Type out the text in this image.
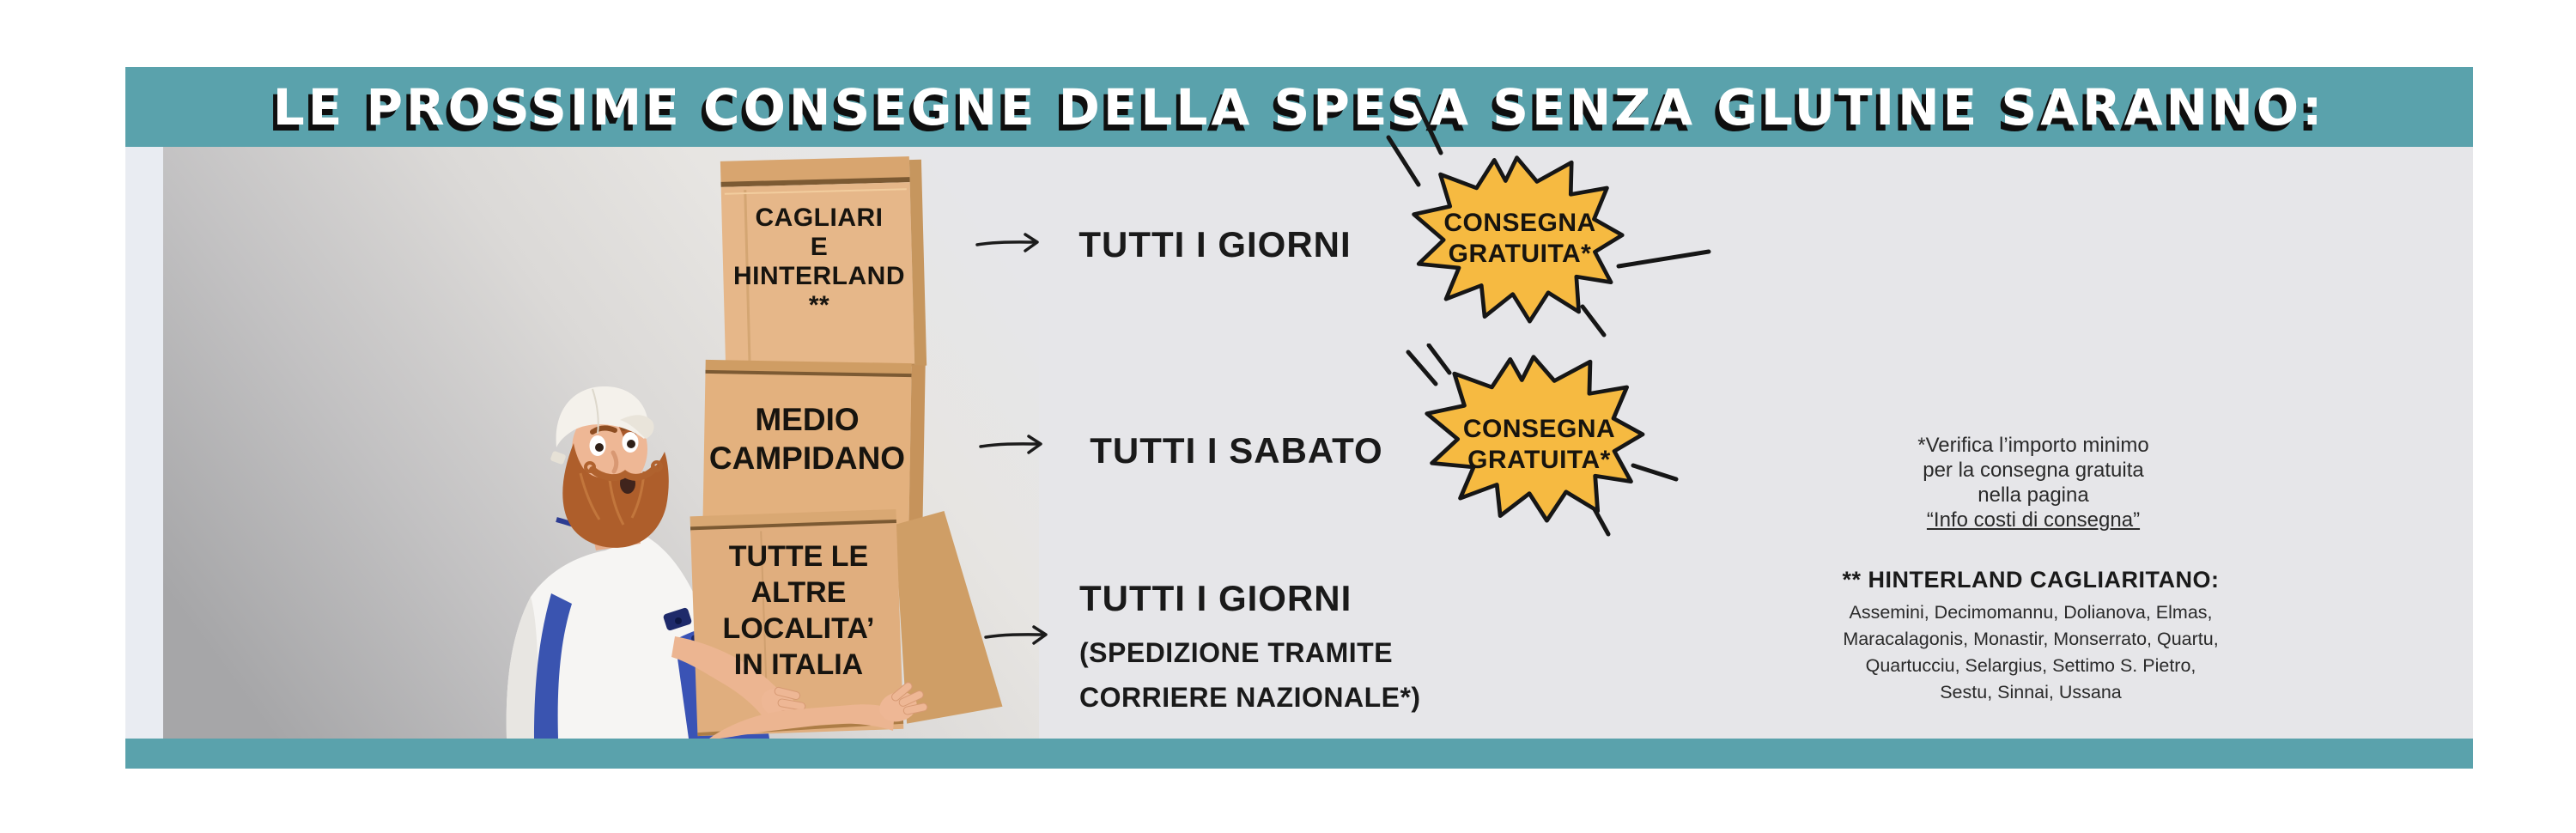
LE PROSSIME CONSEGNE DELLA SPESA SENZA GLUTINE SARANNO:
CAGLIARI
E
HINTERLAND **
MEDIO
CAMPIDANO
TUTTE LE
ALTRE
LOCALITA’
IN ITALIA
TUTTI I GIORNI
TUTTI I SABATO
TUTTI I GIORNI
(SPEDIZIONE TRAMITE
CORRIERE NAZIONALE*)
CONSEGNA
GRATUITA*
CONSEGNA
GRATUITA*
*Verifica l’importo minimo
per la consegna gratuita
nella pagina
“Info costi di consegna”
** HINTERLAND CAGLIARITANO:
Assemini, Decimomannu, Dolianova, Elmas,
Maracalagonis, Monastir, Monserrato, Quartu,
Quartucciu, Selargius, Settimo S. Pietro,
Sestu, Sinnai, Ussana
